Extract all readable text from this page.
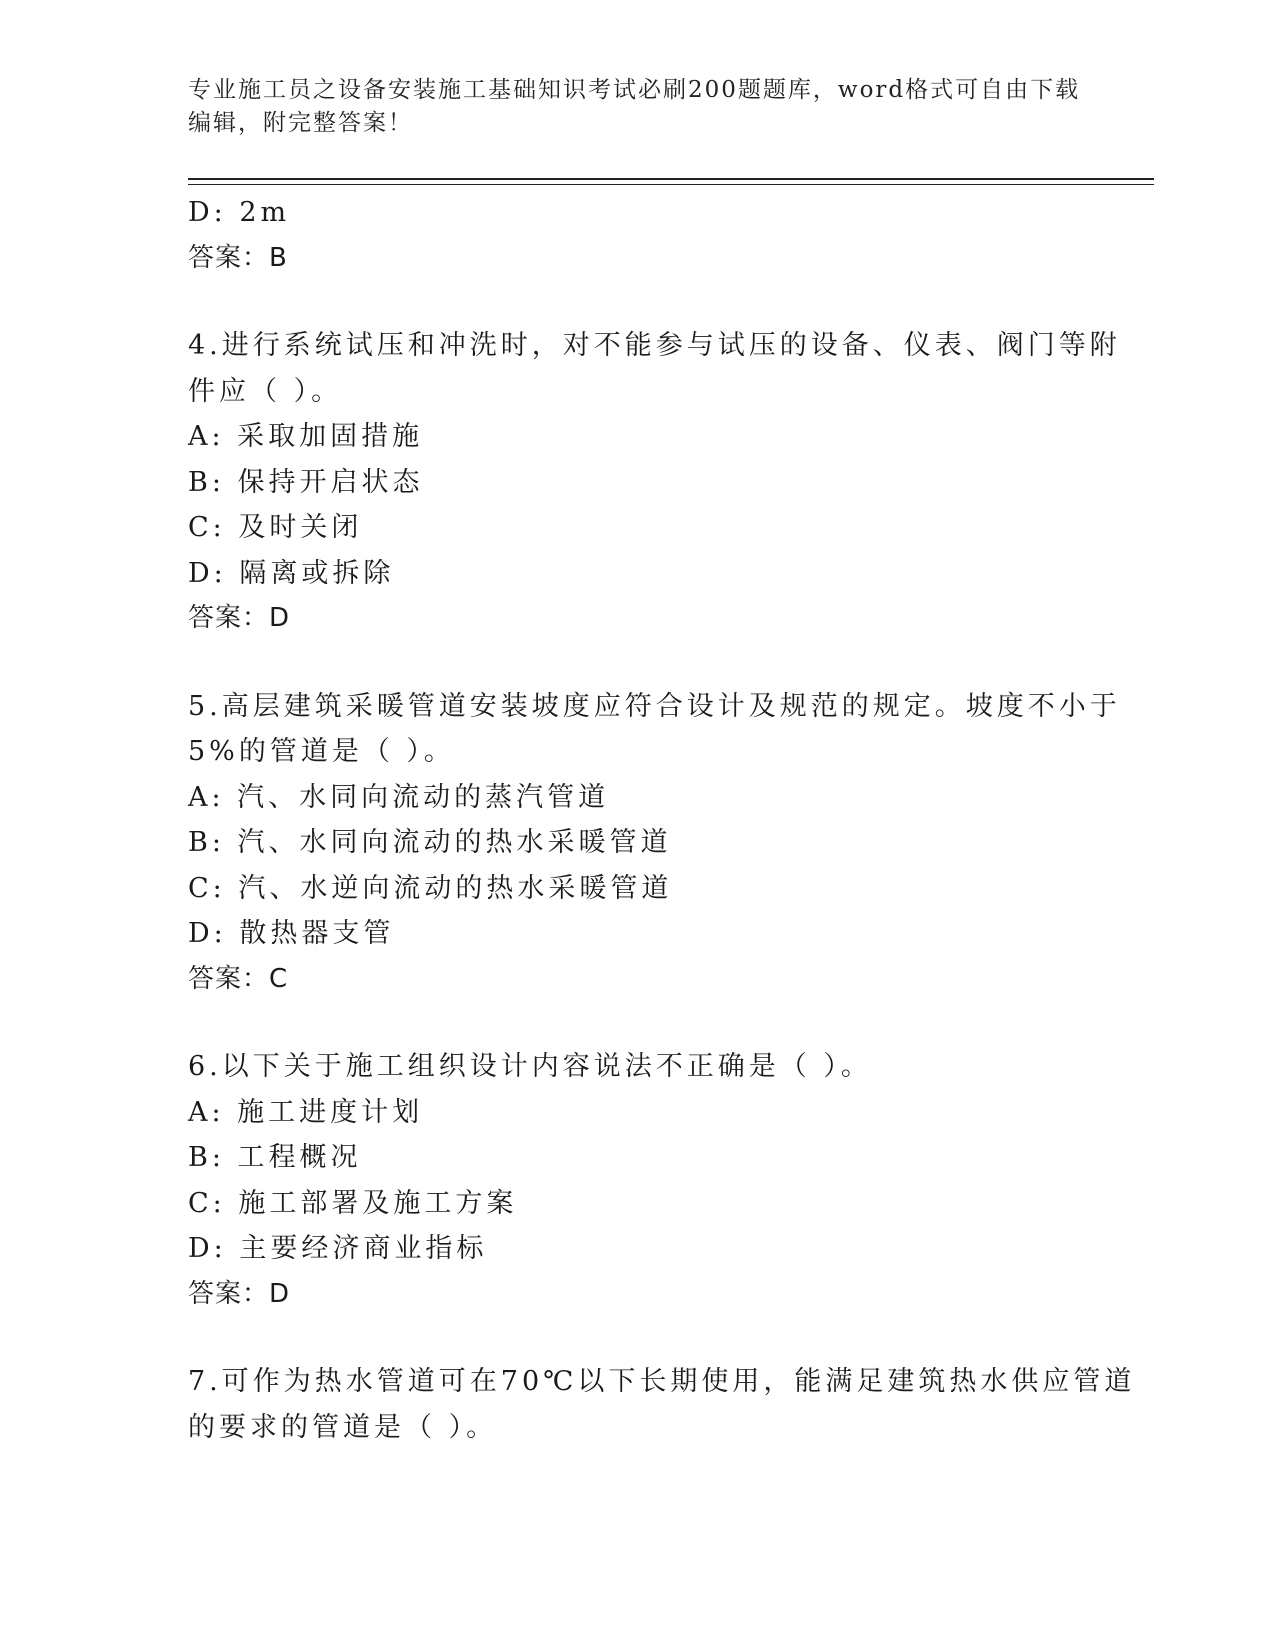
专业施工员之设备安装施工基础知识考试必刷200题题库，word格式可自由下载
编辑，附完整答案！
D: 2m
答案：B
4.进行系统试压和冲洗时，对不能参与试压的设备、仪表、阀门等附
件应（ ）。
A: 采取加固措施
B: 保持开启状态
C: 及时关闭
D: 隔离或拆除
答案：D
5.高层建筑采暖管道安装坡度应符合设计及规范的规定。坡度不小于
5%的管道是（ ）。
A: 汽、水同向流动的蒸汽管道
B: 汽、水同向流动的热水采暖管道
C: 汽、水逆向流动的热水采暖管道
D: 散热器支管
答案：C
6.以下关于施工组织设计内容说法不正确是（ ）。
A: 施工进度计划
B: 工程概况
C: 施工部署及施工方案
D: 主要经济商业指标
答案：D
7.可作为热水管道可在70℃以下长期使用，能满足建筑热水供应管道
的要求的管道是（ ）。
